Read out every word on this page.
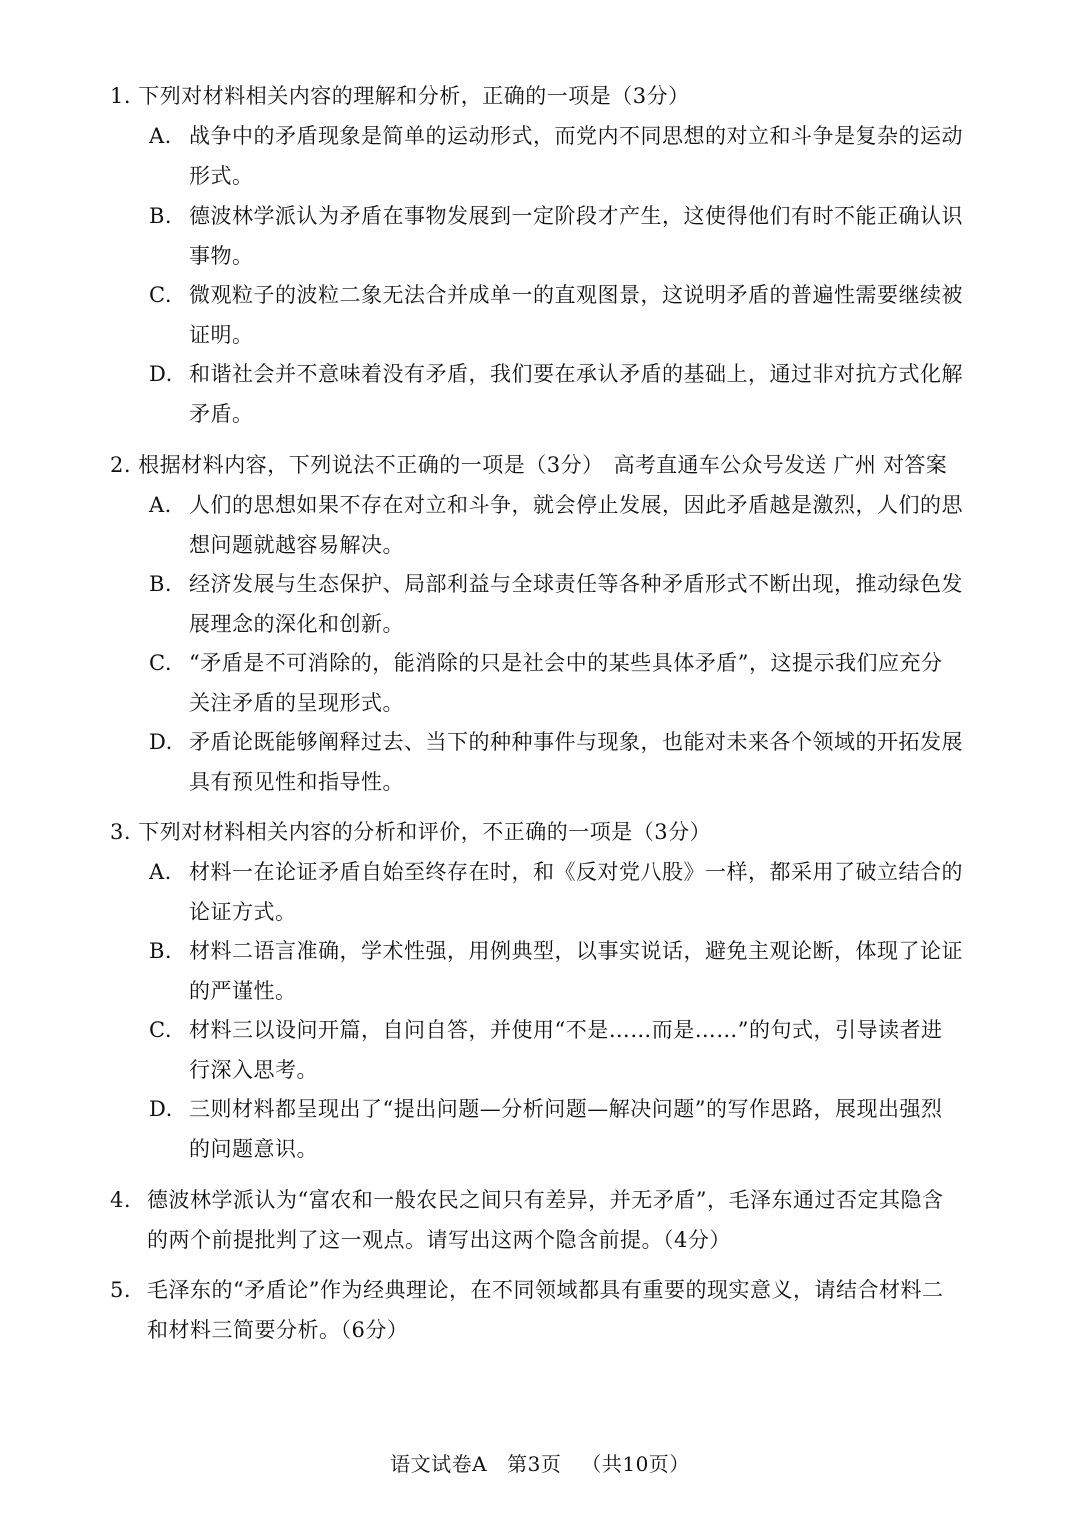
1. 下列对材料相关内容的理解和分析，正确的一项是（3分）
A. 战争中的矛盾现象是简单的运动形式，而党内不同思想的对立和斗争是复杂的运动
形式。
B. 德波林学派认为矛盾在事物发展到一定阶段才产生，这使得他们有时不能正确认识
事物。
C. 微观粒子的波粒二象无法合并成单一的直观图景，这说明矛盾的普遍性需要继续被
证明。
D. 和谐社会并不意味着没有矛盾，我们要在承认矛盾的基础上，通过非对抗方式化解
矛盾。
2. 根据材料内容，下列说法不正确的一项是（3分） 高考直通车公众号发送 广州 对答案
A. 人们的思想如果不存在对立和斗争，就会停止发展，因此矛盾越是激烈，人们的思
想问题就越容易解决。
B. 经济发展与生态保护、局部利益与全球责任等各种矛盾形式不断出现，推动绿色发
展理念的深化和创新。
C. “矛盾是不可消除的，能消除的只是社会中的某些具体矛盾”，这提示我们应充分
关注矛盾的呈现形式。
D. 矛盾论既能够阐释过去、当下的种种事件与现象，也能对未来各个领域的开拓发展
具有预见性和指导性。
3. 下列对材料相关内容的分析和评价，不正确的一项是（3分）
A. 材料一在论证矛盾自始至终存在时，和《反对党八股》一样，都采用了破立结合的
论证方式。
B. 材料二语言准确，学术性强，用例典型，以事实说话，避免主观论断，体现了论证
的严谨性。
C. 材料三以设问开篇，自问自答，并使用“不是……而是……”的句式，引导读者进
行深入思考。
D. 三则材料都呈现出了“提出问题—分析问题—解决问题”的写作思路，展现出强烈
的问题意识。
4. 德波林学派认为“富农和一般农民之间只有差异，并无矛盾”，毛泽东通过否定其隐含
的两个前提批判了这一观点。请写出这两个隐含前提。（4分）
5. 毛泽东的“矛盾论”作为经典理论，在不同领域都具有重要的现实意义，请结合材料二
和材料三简要分析。（6分）
语文试卷A 第3页 （共10页）
